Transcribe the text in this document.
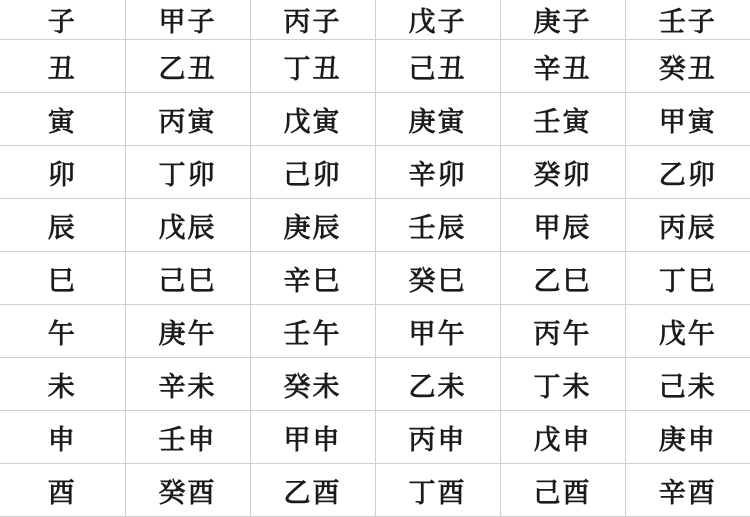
子	甲子	丙子	戊子	庚子	壬子
丑	乙丑	丁丑	己丑	辛丑	癸丑
寅	丙寅	戊寅	庚寅	壬寅	甲寅
卯	丁卯	己卯	辛卯	癸卯	乙卯
辰	戊辰	庚辰	壬辰	甲辰	丙辰
巳	己巳	辛巳	癸巳	乙巳	丁巳
午	庚午	壬午	甲午	丙午	戊午
未	辛未	癸未	乙未	丁未	己未
申	壬申	甲申	丙申	戊申	庚申
酉	癸酉	乙酉	丁酉	己酉	辛酉
